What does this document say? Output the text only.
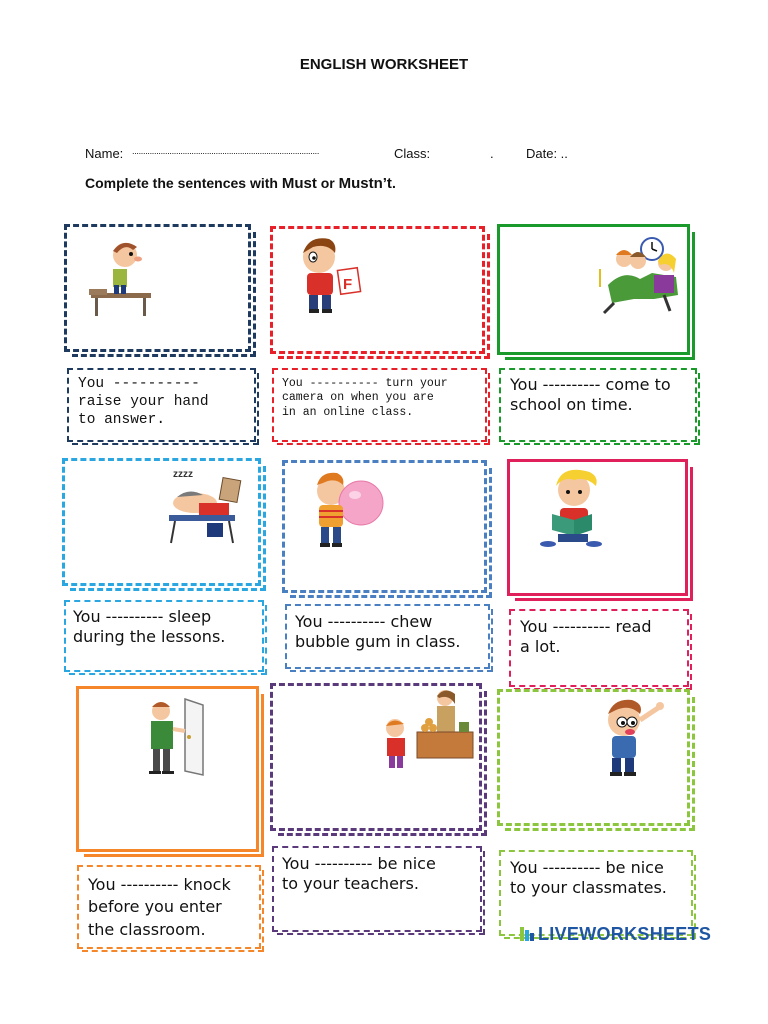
ENGLISH WORKSHEET
Name: .....................................................................................	Class:	. Date: ..
Complete the sentences with Must or Mustn’t.
F
You ----------
raise your hand
to answer.
You ---------- turn your
camera on when you are
in an online class.
You ---------- come to
school on time.
zzzz
You ---------- sleep
during the lessons.
You ---------- chew
bubble gum in class.
You ---------- read
a lot.
You ---------- knock
before you enter
the classroom.
You ---------- be nice
to your teachers.
You ---------- be nice
to your classmates.
LIVEWORKSHEETS
